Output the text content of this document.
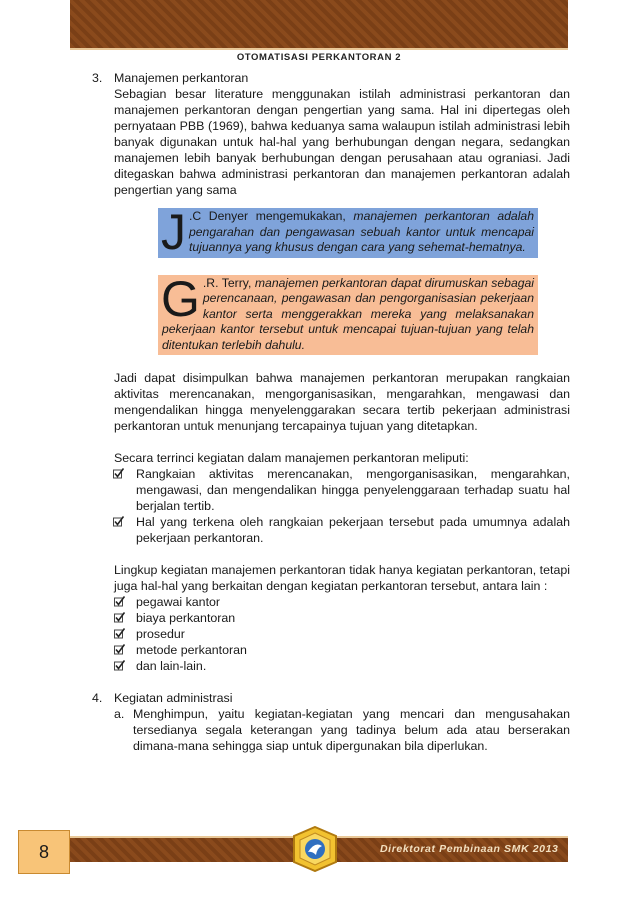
OTOMATISASI PERKANTORAN 2
3. Manajemen perkantoran
Sebagian besar literature menggunakan istilah administrasi perkantoran dan manajemen perkantoran dengan pengertian yang sama. Hal ini dipertegas oleh pernyataan PBB (1969), bahwa keduanya sama walaupun istilah administrasi lebih banyak digunakan untuk hal-hal yang berhubungan dengan negara, sedangkan manajemen lebih banyak berhubungan dengan perusahaan atau ograniasi. Jadi ditegaskan bahwa administrasi perkantoran dan manajemen perkantoran adalah pengertian yang sama
J .C Denyer mengemukakan, manajemen perkantoran adalah pengarahan dan pengawasan sebuah kantor untuk mencapai tujuannya yang khusus dengan cara yang sehemat-hematnya.
G .R. Terry, manajemen perkantoran dapat dirumuskan sebagai perencanaan, pengawasan dan pengorganisasian pekerjaan kantor serta menggerakkan mereka yang melaksanakan pekerjaan kantor tersebut untuk mencapai tujuan-tujuan yang telah ditentukan terlebih dahulu.
Jadi dapat disimpulkan bahwa manajemen perkantoran merupakan rangkaian aktivitas merencanakan, mengorganisasikan, mengarahkan, mengawasi dan mengendalikan hingga menyelenggarakan secara tertib pekerjaan administrasi perkantoran untuk menunjang tercapainya tujuan yang ditetapkan.
Secara terrinci kegiatan dalam manajemen perkantoran meliputi:
Rangkaian aktivitas merencanakan, mengorganisasikan, mengarahkan, mengawasi, dan mengendalikan hingga penyelenggaraan terhadap suatu hal berjalan tertib.
Hal yang terkena oleh rangkaian pekerjaan tersebut pada umumnya adalah pekerjaan perkantoran.
Lingkup kegiatan manajemen perkantoran tidak hanya kegiatan perkantoran, tetapi juga hal-hal yang berkaitan dengan kegiatan perkantoran tersebut, antara lain :
pegawai kantor
biaya perkantoran
prosedur
metode perkantoran
dan lain-lain.
4. Kegiatan administrasi
a. Menghimpun, yaitu kegiatan-kegiatan yang mencari dan mengusahakan tersedianya segala keterangan yang tadinya belum ada atau berserakan dimana-mana sehingga siap untuk dipergunakan bila diperlukan.
Direktorat Pembinaan SMK 2013
8
